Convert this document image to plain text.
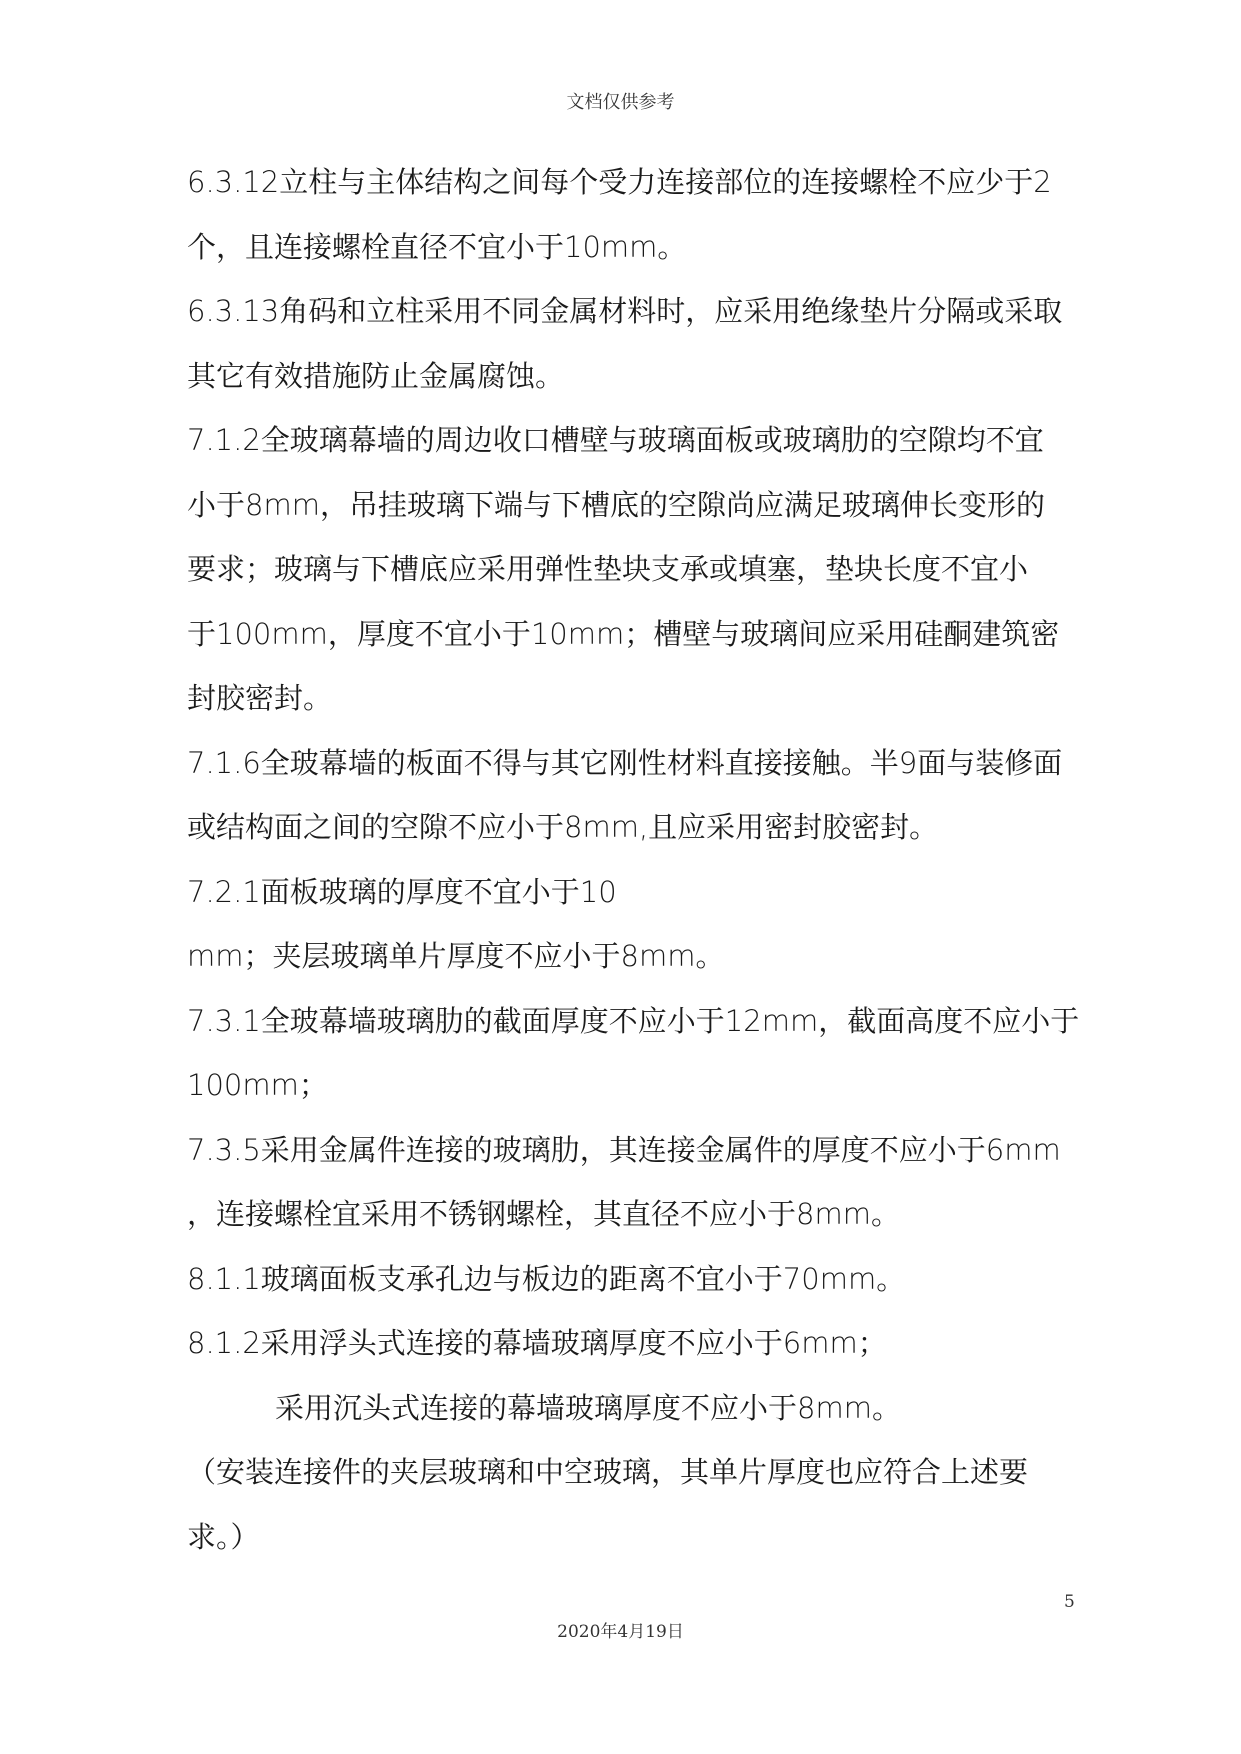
文档仅供参考
6.3.12立柱与主体结构之间每个受力连接部位的连接螺栓不应少于2
个，且连接螺栓直径不宜小于10mm。
6.3.13角码和立柱采用不同金属材料时，应采用绝缘垫片分隔或采取
其它有效措施防止金属腐蚀。
7.1.2全玻璃幕墙的周边收口槽壁与玻璃面板或玻璃肋的空隙均不宜
小于8mm，吊挂玻璃下端与下槽底的空隙尚应满足玻璃伸长变形的
要求；玻璃与下槽底应采用弹性垫块支承或填塞，垫块长度不宜小
于100mm，厚度不宜小于10mm；槽壁与玻璃间应采用硅酮建筑密
封胶密封。
7.1.6全玻幕墙的板面不得与其它刚性材料直接接触。半9面与装修面
或结构面之间的空隙不应小于8mm,且应采用密封胶密封。
7.2.1面板玻璃的厚度不宜小于10
mm；夹层玻璃单片厚度不应小于8mm。
7.3.1全玻幕墙玻璃肋的截面厚度不应小于12mm，截面高度不应小于
100mm；
7.3.5采用金属件连接的玻璃肋，其连接金属件的厚度不应小于6mm
，连接螺栓宜采用不锈钢螺栓，其直径不应小于8mm。
8.1.1玻璃面板支承孔边与板边的距离不宜小于70mm。
8.1.2采用浮头式连接的幕墙玻璃厚度不应小于6mm；
采用沉头式连接的幕墙玻璃厚度不应小于8mm。
（安装连接件的夹层玻璃和中空玻璃，其单片厚度也应符合上述要
求。）
5
2020年4月19日
